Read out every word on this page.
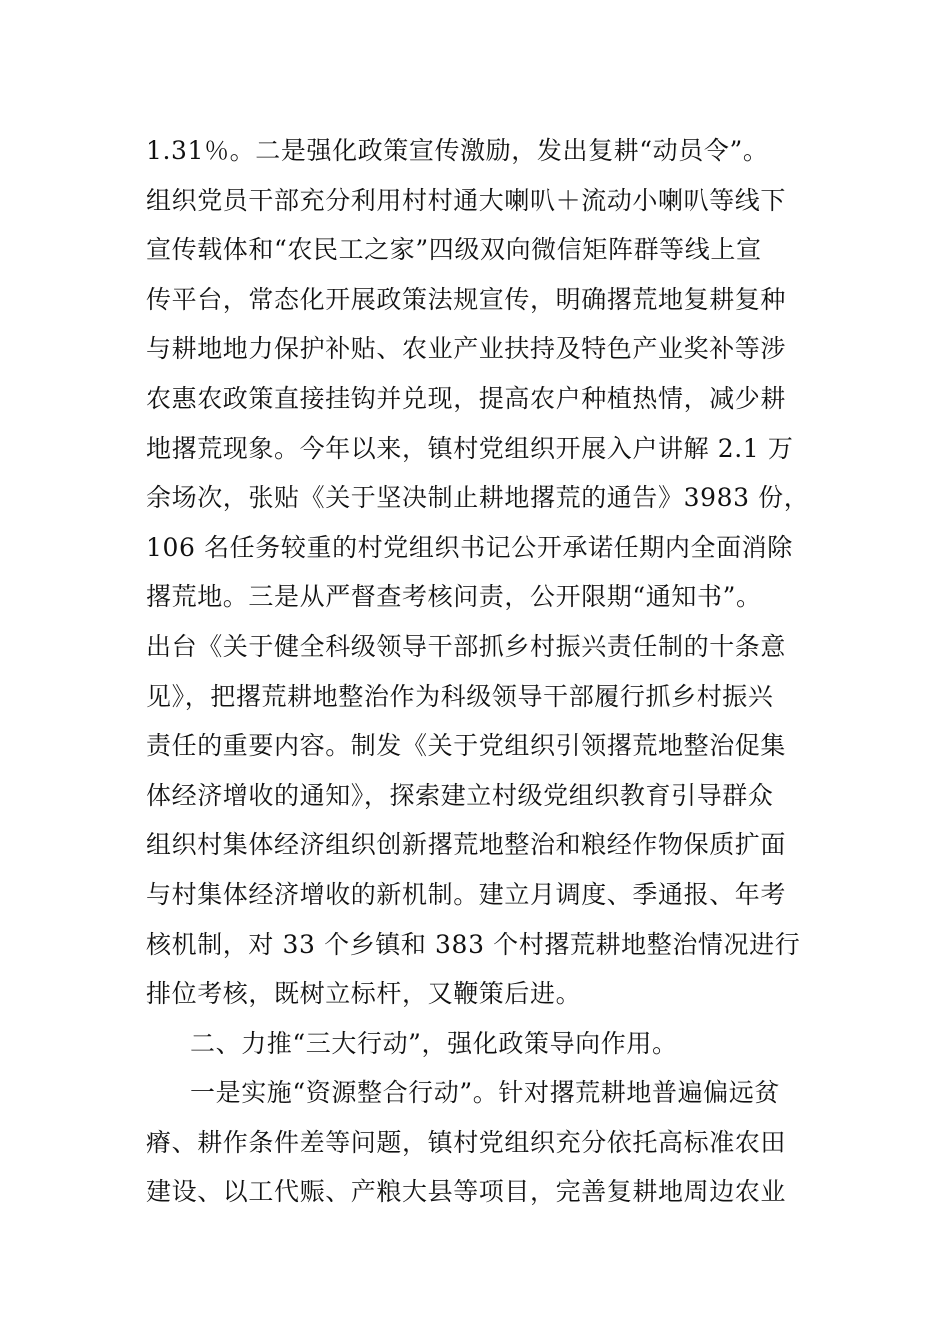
1.31％。二是强化政策宣传激励，发出复耕“动员令”。
组织党员干部充分利用村村通大喇叭＋流动小喇叭等线下
宣传载体和“农民工之家”四级双向微信矩阵群等线上宣
传平台，常态化开展政策法规宣传，明确撂荒地复耕复种
与耕地地力保护补贴、农业产业扶持及特色产业奖补等涉
农惠农政策直接挂钩并兑现，提高农户种植热情，减少耕
地撂荒现象。今年以来，镇村党组织开展入户讲解 2.1 万
余场次，张贴《关于坚决制止耕地撂荒的通告》3983 份，
106 名任务较重的村党组织书记公开承诺任期内全面消除
撂荒地。三是从严督查考核问责，公开限期“通知书”。
出台《关于健全科级领导干部抓乡村振兴责任制的十条意
见》，把撂荒耕地整治作为科级领导干部履行抓乡村振兴
责任的重要内容。制发《关于党组织引领撂荒地整治促集
体经济增收的通知》，探索建立村级党组织教育引导群众
组织村集体经济组织创新撂荒地整治和粮经作物保质扩面
与村集体经济增收的新机制。建立月调度、季通报、年考
核机制，对 33 个乡镇和 383 个村撂荒耕地整治情况进行
排位考核，既树立标杆，又鞭策后进。
二、力推“三大行动”，强化政策导向作用。
一是实施“资源整合行动”。针对撂荒耕地普遍偏远贫
瘠、耕作条件差等问题，镇村党组织充分依托高标准农田
建设、以工代赈、产粮大县等项目，完善复耕地周边农业
